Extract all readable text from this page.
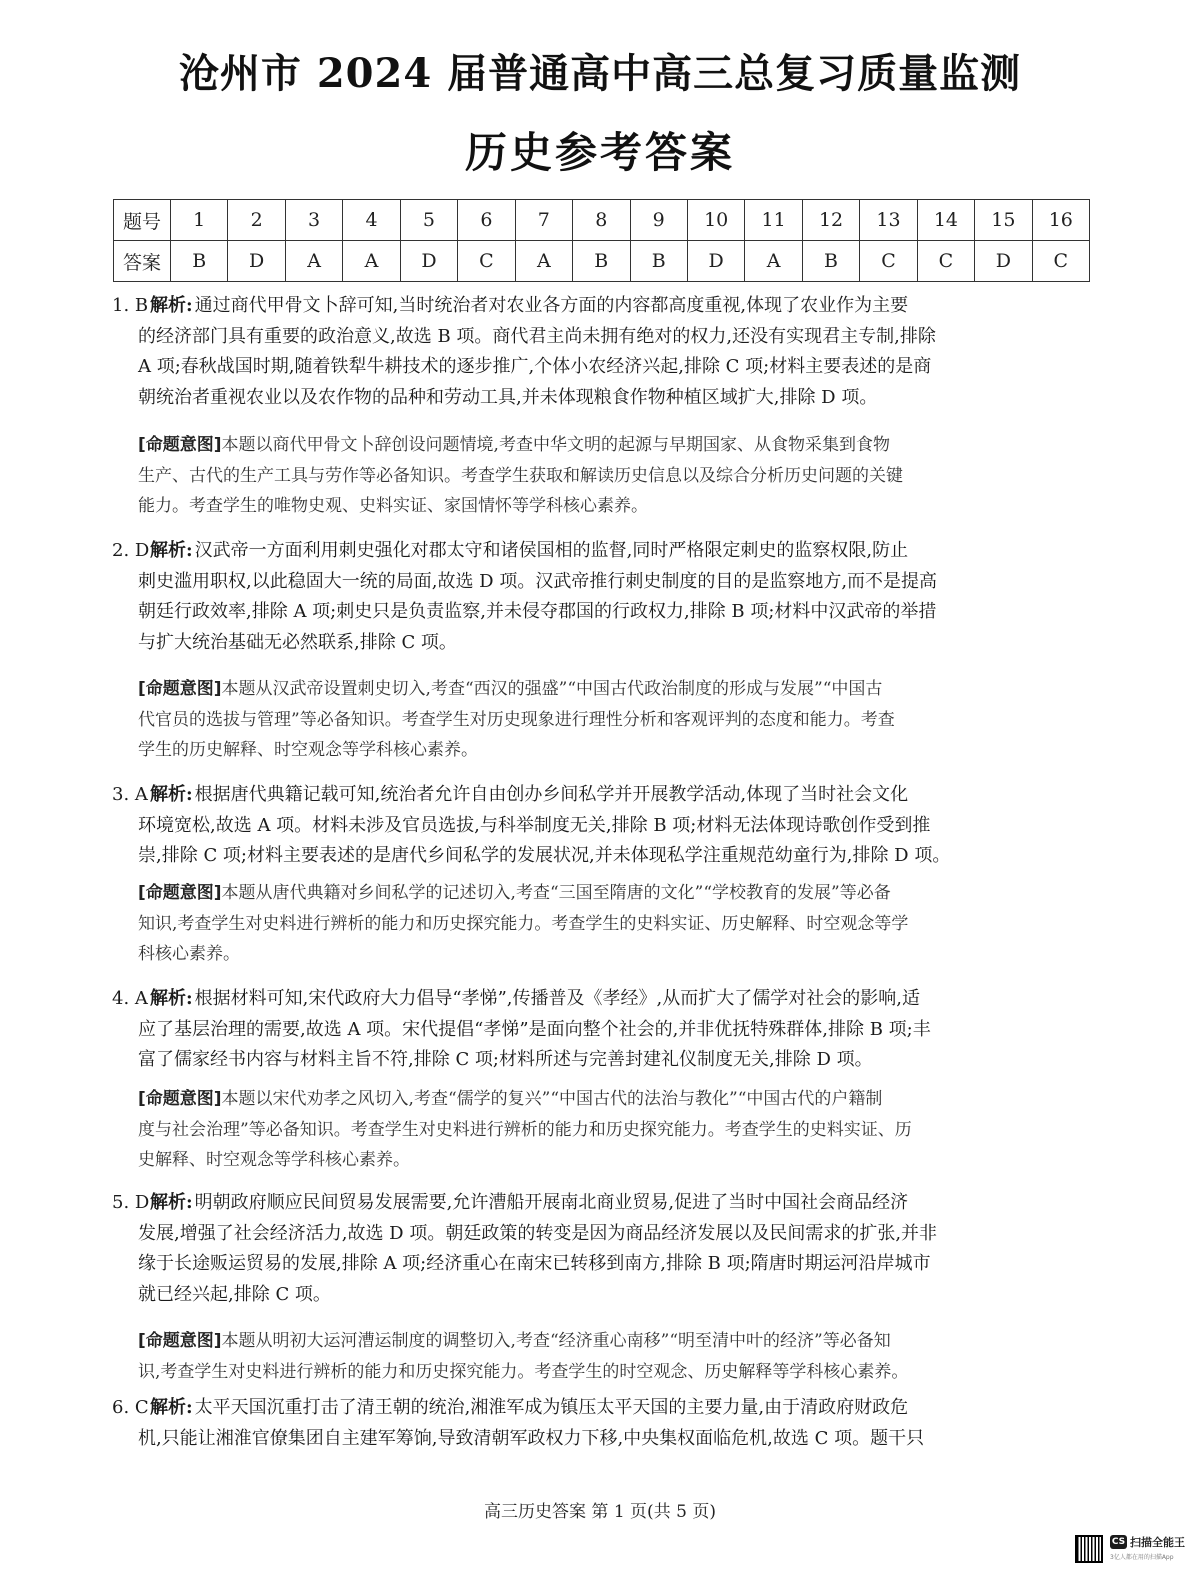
沧州市 2024 届普通高中高三总复习质量监测
历史参考答案
题号	1	2	3	4	5	6	7	8	9	10	11	12	13	14	15	16
答案	B	D	A	A	D	C	A	B	B	D	A	B	C	C	D	C
1. B 解析: 通过商代甲骨文卜辞可知,当时统治者对农业各方面的内容都高度重视,体现了农业作为主要
的经济部门具有重要的政治意义,故选 B 项。商代君主尚未拥有绝对的权力,还没有实现君主专制,排除
A 项;春秋战国时期,随着铁犁牛耕技术的逐步推广,个体小农经济兴起,排除 C 项;材料主要表述的是商
朝统治者重视农业以及农作物的品种和劳动工具,并未体现粮食作物种植区域扩大,排除 D 项。
[命题意图]本题以商代甲骨文卜辞创设问题情境,考查中华文明的起源与早期国家、从食物采集到食物
生产、古代的生产工具与劳作等必备知识。考查学生获取和解读历史信息以及综合分析历史问题的关键
能力。考查学生的唯物史观、史料实证、家国情怀等学科核心素养。
2. D解析: 汉武帝一方面利用刺史强化对郡太守和诸侯国相的监督,同时严格限定刺史的监察权限,防止
刺史滥用职权,以此稳固大一统的局面,故选 D 项。汉武帝推行刺史制度的目的是监察地方,而不是提高
朝廷行政效率,排除 A 项;刺史只是负责监察,并未侵夺郡国的行政权力,排除 B 项;材料中汉武帝的举措
与扩大统治基础无必然联系,排除 C 项。
[命题意图]本题从汉武帝设置刺史切入,考查“西汉的强盛”“中国古代政治制度的形成与发展”“中国古
代官员的选拔与管理”等必备知识。考查学生对历史现象进行理性分析和客观评判的态度和能力。考查
学生的历史解释、时空观念等学科核心素养。
3. A 解析: 根据唐代典籍记载可知,统治者允许自由创办乡间私学并开展教学活动,体现了当时社会文化
环境宽松,故选 A 项。材料未涉及官员选拔,与科举制度无关,排除 B 项;材料无法体现诗歌创作受到推
崇,排除 C 项;材料主要表述的是唐代乡间私学的发展状况,并未体现私学注重规范幼童行为,排除 D 项。
[命题意图]本题从唐代典籍对乡间私学的记述切入,考查“三国至隋唐的文化”“学校教育的发展”等必备
知识,考查学生对史料进行辨析的能力和历史探究能力。考查学生的史料实证、历史解释、时空观念等学
科核心素养。
4. A 解析: 根据材料可知,宋代政府大力倡导“孝悌”,传播普及《孝经》,从而扩大了儒学对社会的影响,适
应了基层治理的需要,故选 A 项。宋代提倡“孝悌”是面向整个社会的,并非优抚特殊群体,排除 B 项;丰
富了儒家经书内容与材料主旨不符,排除 C 项;材料所述与完善封建礼仪制度无关,排除 D 项。
[命题意图]本题以宋代劝孝之风切入,考查“儒学的复兴”“中国古代的法治与教化”“中国古代的户籍制
度与社会治理”等必备知识。考查学生对史料进行辨析的能力和历史探究能力。考查学生的史料实证、历
史解释、时空观念等学科核心素养。
5. D解析: 明朝政府顺应民间贸易发展需要,允许漕船开展南北商业贸易,促进了当时中国社会商品经济
发展,增强了社会经济活力,故选 D 项。朝廷政策的转变是因为商品经济发展以及民间需求的扩张,并非
缘于长途贩运贸易的发展,排除 A 项;经济重心在南宋已转移到南方,排除 B 项;隋唐时期运河沿岸城市
就已经兴起,排除 C 项。
[命题意图]本题从明初大运河漕运制度的调整切入,考查“经济重心南移”“明至清中叶的经济”等必备知
识,考查学生对史料进行辨析的能力和历史探究能力。考查学生的时空观念、历史解释等学科核心素养。
6. C解析: 太平天国沉重打击了清王朝的统治,湘淮军成为镇压太平天国的主要力量,由于清政府财政危
机,只能让湘淮官僚集团自主建军筹饷,导致清朝军政权力下移,中央集权面临危机,故选 C 项。题干只
高三历史答案 第 1 页(共 5 页)
CS 扫描全能王
3亿人都在用的扫描App
